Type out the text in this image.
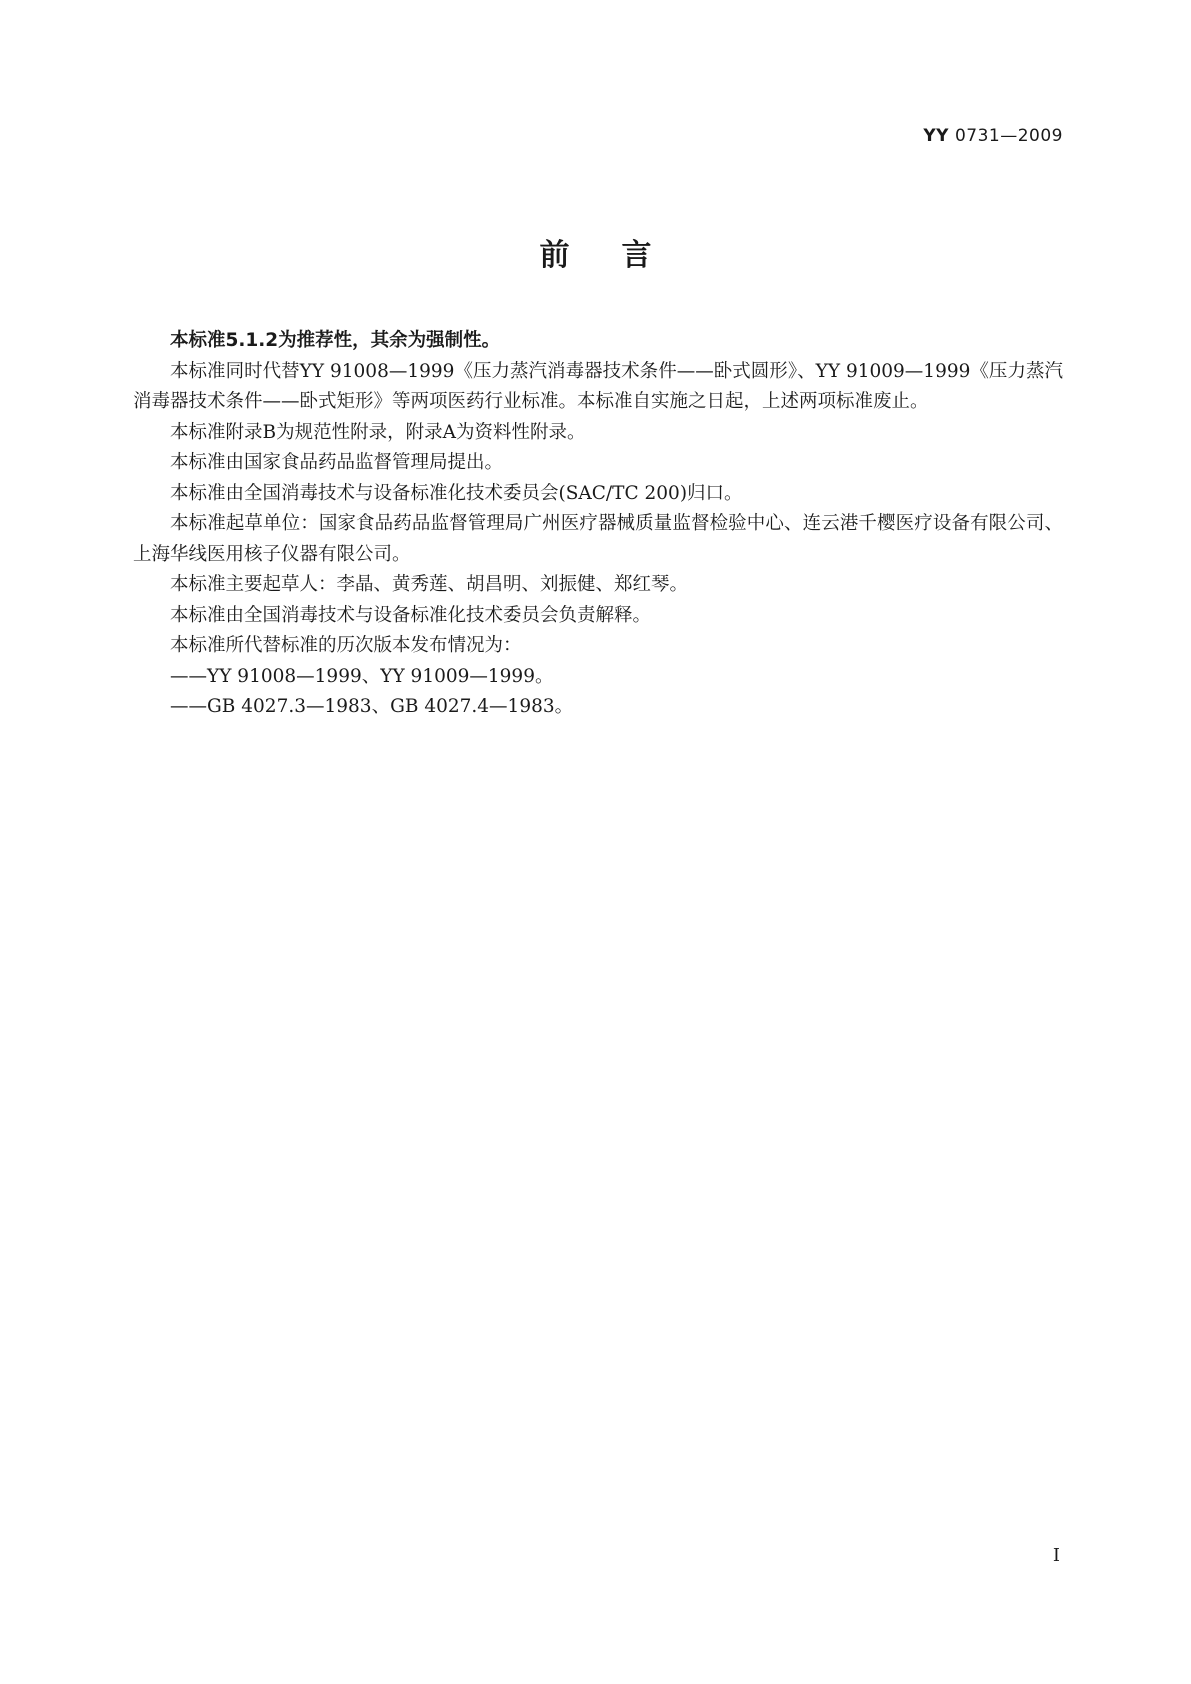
YY 0731—2009
前言

本标准5.1.2为推荐性，其余为强制性。

本标准同时代替YY 91008—1999《压力蒸汽消毒器技术条件——卧式圆形》、YY 91009—1999《压力蒸汽消毒器技术条件——卧式矩形》等两项医药行业标准。本标准自实施之日起，上述两项标准废止。

本标准附录B为规范性附录，附录A为资料性附录。

本标准由国家食品药品监督管理局提出。

本标准由全国消毒技术与设备标准化技术委员会(SAC/TC 200)归口。

本标准起草单位：国家食品药品监督管理局广州医疗器械质量监督检验中心、连云港千樱医疗设备有限公司、上海华线医用核子仪器有限公司。

本标准主要起草人：李晶、黄秀莲、胡昌明、刘振健、郑红琴。

本标准由全国消毒技术与设备标准化技术委员会负责解释。

本标准所代替标准的历次版本发布情况为：

——YY 91008—1999、YY 91009—1999。

——GB 4027.3—1983、GB 4027.4—1983。

I
